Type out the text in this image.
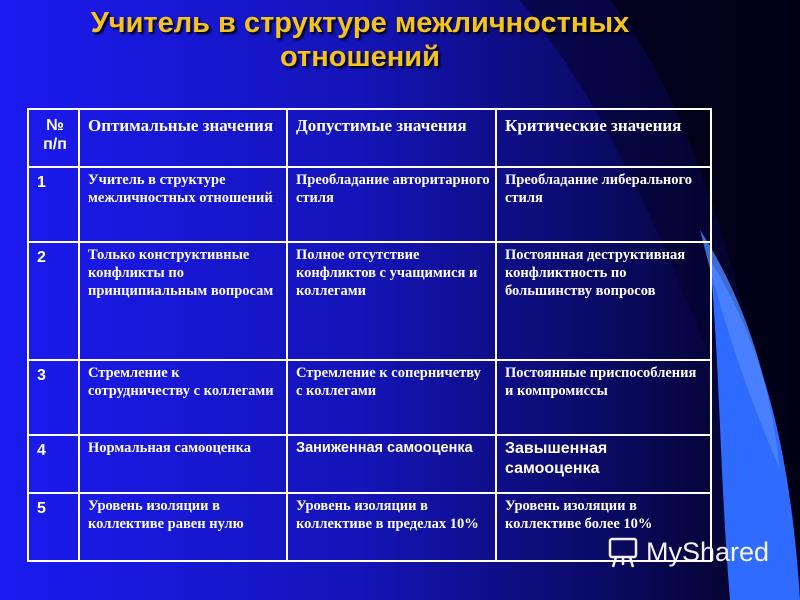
Учитель в структуре межличностных
отношений
№ п/п	Оптимальные значения	Допустимые значения	Критические значения
1	Учитель в структуре межличностных отношений	Преобладание авторитарного стиля	Преобладание либерального стиля
2	Только конструктивные конфликты по принципиальным вопросам	Полное отсутствие конфликтов с учащимися и коллегами	Постоянная деструктивная конфликтность по большинству вопросов
3	Стремление к сотрудничеству с коллегами	Стремление к соперничетву с коллегами	Постоянные приспособления и компромиссы
4	Нормальная самооценка	Заниженная самооценка	Завышенная самооценка
5	Уровень изоляции в коллективе равен нулю	Уровень изоляции в коллективе в пределах 10%	Уровень изоляции в коллективе более 10%
MyShared
